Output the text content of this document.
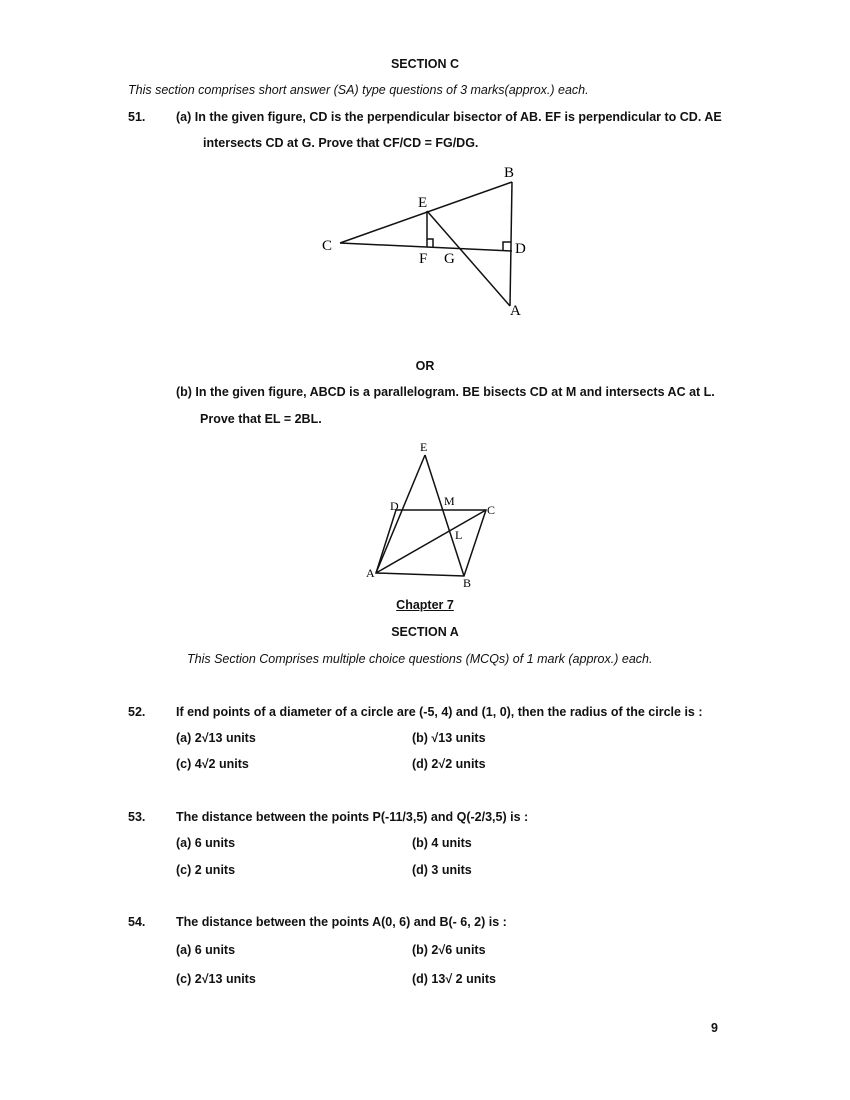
SECTION C
This section comprises short answer (SA) type questions of 3 marks(approx.) each.
51. (a) In the given figure, CD is the perpendicular bisector of AB. EF is perpendicular to CD. AE
intersects CD at G. Prove that CF/CD = FG/DG.
E
B
C	D
F G
A
OR
(b) In the given figure, ABCD is a parallelogram. BE bisects CD at M and intersects AC at L.
Prove that EL = 2BL.
E
D	M
C
L
A
B
Chapter 7
SECTION A
This Section Comprises multiple choice questions (MCQs) of 1 mark (approx.) each.
52. If end points of a diameter of a circle are (-5, 4) and (1, 0), then the radius of the circle is :
(a) 2√13 units	(b) √13 units
(c) 4√2 units	(d) 2√2 units
53. The distance between the points P(-11/3,5) and Q(-2/3,5) is :
(a) 6 units	(b) 4 units
(c) 2 units	(d) 3 units
54. The distance between the points A(0, 6) and B(- 6, 2) is :
(a) 6 units	(b) 2√6 units
(c) 2√13 units	(d) 13√ 2 units
9
